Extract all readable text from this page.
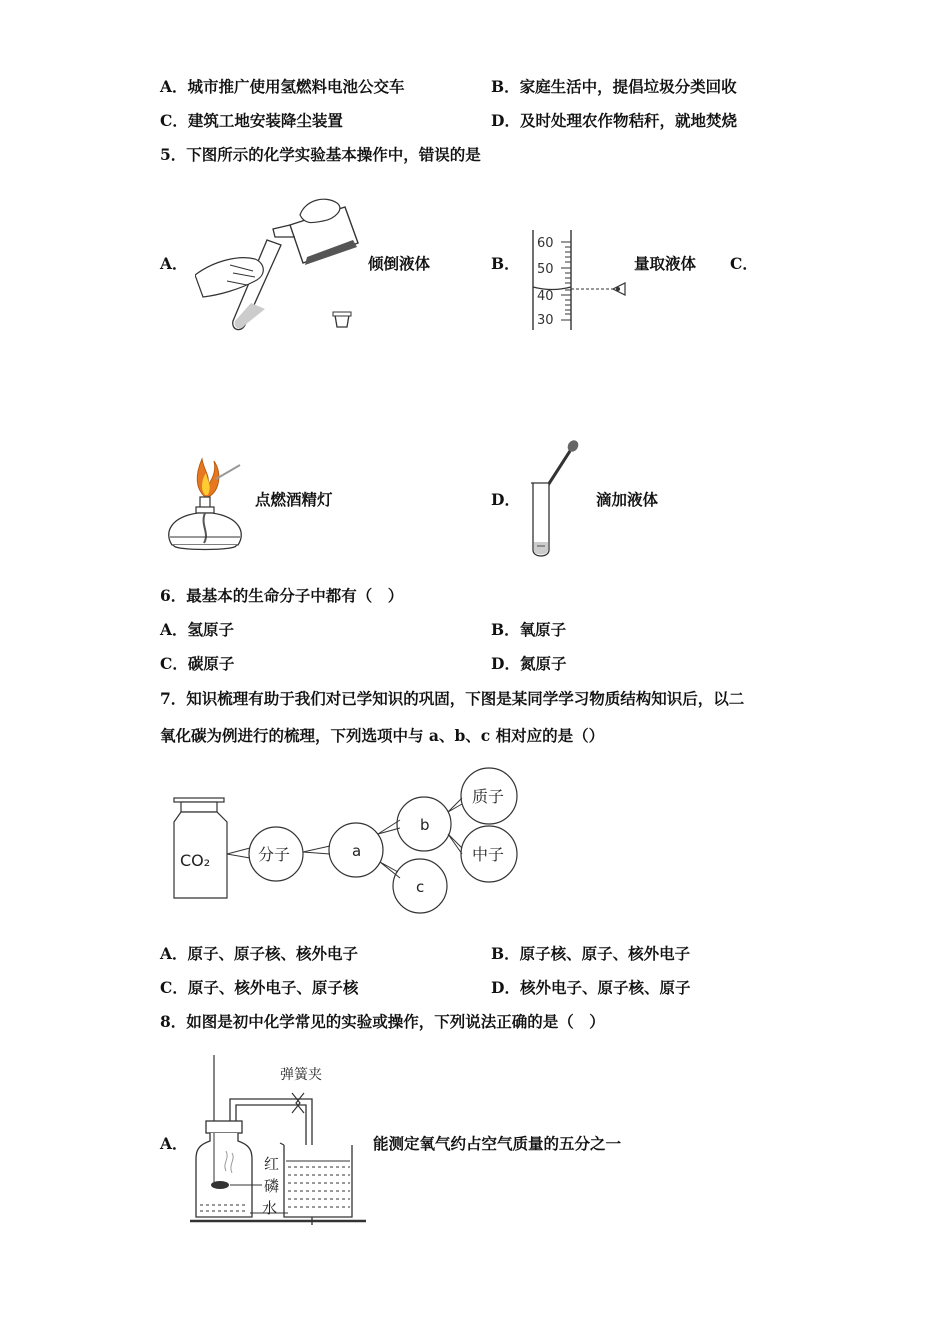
A．城市推广使用氢燃料电池公交车	B．家庭生活中，提倡垃圾分类回收
C．建筑工地安装降尘装置	D．及时处理农作物秸秆，就地焚烧
5．下图所示的化学实验基本操作中，错误的是
A．	倾倒液体	B．
60
50
40
30
量取液体 C．
点燃酒精灯	D．	滴加液体
6．最基本的生命分子中都有（　）
A．氢原子	B．氧原子
C．碳原子	D．氮原子
7．知识梳理有助于我们对已学知识的巩固，下图是某同学学习物质结构知识后，以二
氧化碳为例进行的梳理，下列选项中与 a、b、c 相对应的是（）
CO₂	分子	a
b
c
质子
中子
A．原子、原子核、核外电子	B．原子核、原子、核外电子
C．原子、核外电子、原子核	D．核外电子、原子核、原子
8．如图是初中化学常见的实验或操作，下列说法正确的是（　）
A．
弹簧夹
红
磷
水
能测定氧气约占空气质量的五分之一
